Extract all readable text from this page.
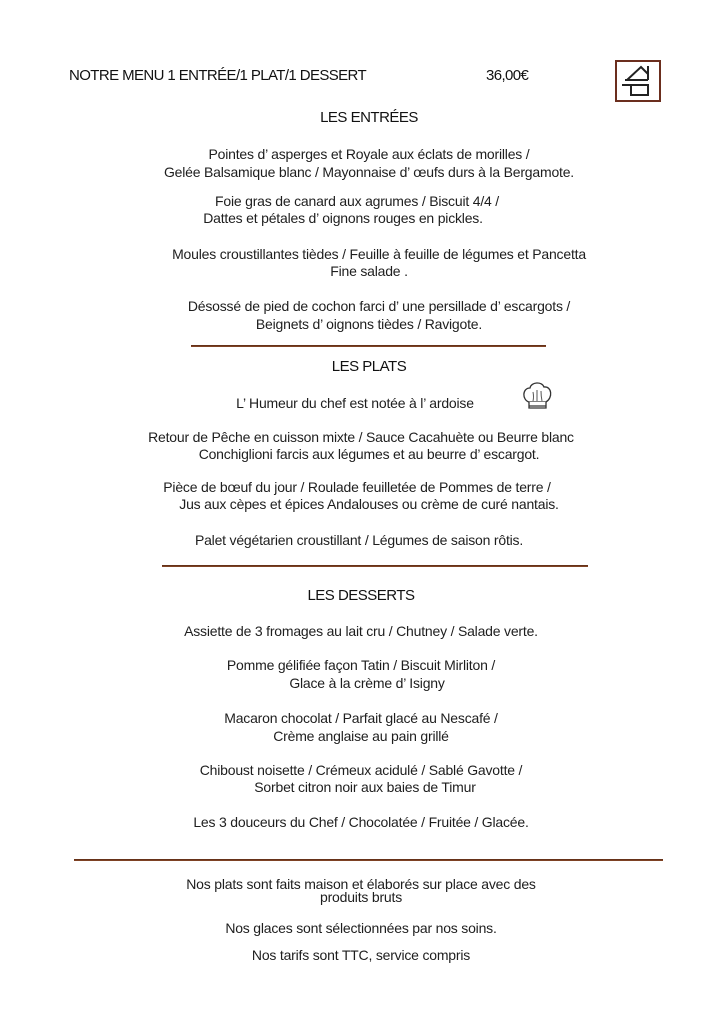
NOTRE MENU 1 ENTRÉE/1 PLAT/1 DESSERT	36,00€
LES ENTRÉES
Pointes d’ asperges et Royale aux éclats de morilles /
Gelée Balsamique blanc / Mayonnaise d’ œufs durs à la Bergamote.
Foie gras de canard aux agrumes / Biscuit 4/4 /
Dattes et pétales d’ oignons rouges en pickles.
Moules croustillantes tièdes / Feuille à feuille de légumes et Pancetta
Fine salade .
Désossé de pied de cochon farci d’ une persillade d’ escargots /
Beignets d’ oignons tièdes / Ravigote.
LES PLATS
L’ Humeur du chef est notée à l’ ardoise
Retour de Pêche en cuisson mixte / Sauce Cacahuète ou Beurre blanc
Conchiglioni farcis aux légumes et au beurre d’ escargot.
Pièce de bœuf du jour / Roulade feuilletée de Pommes de terre /
Jus aux cèpes et épices Andalouses ou crème de curé nantais.
Palet végétarien croustillant / Légumes de saison rôtis.
LES DESSERTS
Assiette de 3 fromages au lait cru / Chutney / Salade verte.
Pomme gélifiée façon Tatin / Biscuit Mirliton /
Glace à la crème d’ Isigny
Macaron chocolat / Parfait glacé au Nescafé /
Crème anglaise au pain grillé
Chiboust noisette / Crémeux acidulé / Sablé Gavotte /
Sorbet citron noir aux baies de Timur
Les 3 douceurs du Chef / Chocolatée / Fruitée / Glacée.
Nos plats sont faits maison et élaborés sur place avec des
produits bruts
Nos glaces sont sélectionnées par nos soins.
Nos tarifs sont TTC, service compris
